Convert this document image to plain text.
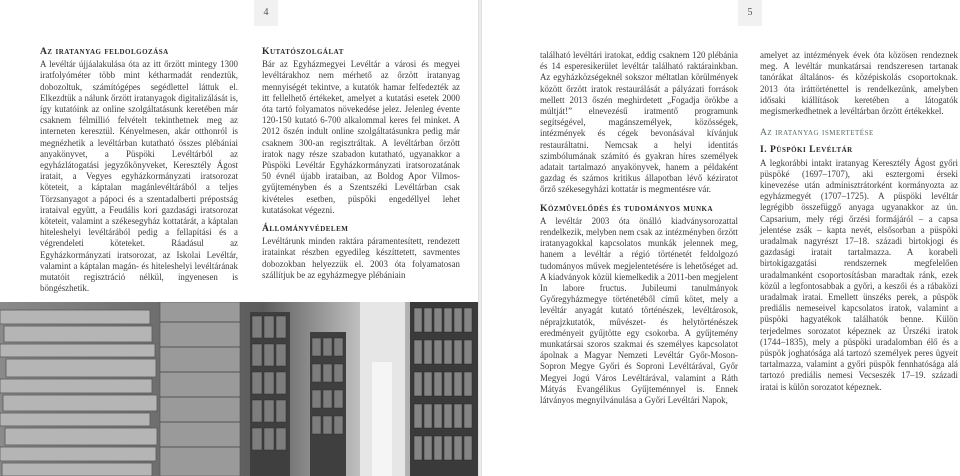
4
Az iratanyag feldolgozása

A levéltár újjáalakulása óta az itt őrzött mintegy 1300 iratfolyóméter több mint kétharmadát rendeztük, dobozoltuk, számítógépes segédlettel láttuk el. Elkezdtük a nálunk őrzött iratanyagok digitalizálását is, így kutatóink az online szolgáltatásunk keretében már csaknem félmillió felvételt tekinthetnek meg az interneten keresztül. Kényelmesen, akár otthonról is megnézhetik a levéltárban kutatható összes plébániai anyakönyvet, a Püspöki Levéltárból az egyházlátogatási jegyzőkönyveket, Keresztély Ágost iratait, a Vegyes egyházkormányzati iratsorozat köteteit, a káptalan magánlevéltárából a teljes Törzsanyagot a pápoci és a szentadalberti prépostság irataival együtt, a Feudális kori gazdasági iratsorozat köteteit, valamint a székesegyház kottatárát, a káptalan hiteleshelyi levéltárából pedig a fellapítási és a végrendeleti köteteket. Ráadásul az Egyházkormányzati iratsorozat, az Iskolai Levéltár, valamint a káptalan magán- és hiteleshelyi levéltárának mutatóit regisztráció nélkül, ingyenesen is böngészhetik.

Kutatószolgálat

Bár az Egyházmegyei Levéltár a városi és megyei levéltárakhoz nem mérhető az őrzött iratanyag mennyiségét tekintve, a kutatók hamar felfedezték az itt fellelhető értékeket, amelyet a kutatási esetek 2000 óta tartó folyamatos növekedése jelez. Jelenleg évente 120-150 kutató 6-700 alkalommal keres fel minket. A 2012 őszén indult online szolgáltatásunkra pedig már csaknem 300-an regisztráltak. A levéltárban őrzött iratok nagy része szabadon kutatható, ugyanakkor a Püspöki Levéltár Egyházkormányzati iratsorozatának 50 évnél újabb irataiban, az Boldog Apor Vilmos-gyűjteményben és a Szentszéki Levéltárban csak kivételes esetben, püspöki engedéllyel lehet kutatásokat végezni.

Állományvédelem

Levéltárunk minden raktára páramentesített, rendezett iratainkat részben egyedileg készíttetett, savmentes dobozokban helyezzük el. 2003 óta folyamatosan szállítjuk be az egyházmegye plébániain

5

található levéltári iratokat, eddig csaknem 120 plébánia és 14 esperesikerület levéltár található raktárainkban. Az egyházközségeknél sokszor méltatlan körülmények között őrzött iratok restaurálását a pályázati források mellett 2013 őszén meghirdetett „Fogadja örökbe a múltját!” elnevezésű iratmentő programunk segítségével, magánszemélyek, közösségek, intézmények és cégek bevonásával kívánjuk restauráltatni. Nemcsak a helyi identitás szimbólumának számító és gyakran híres személyek adatait tartalmazó anyakönyvek, hanem a példaként gazdag és számos kritikus állapotban lévő kéziratot őrző székesegyházi kottatár is megmentésre vár.

Közművelődés és tudományos munka

A levéltár 2003 óta önálló kiadványsorozattal rendelkezik, melyben nem csak az intézményben őrzött iratanyagokkal kapcsolatos munkák jelennek meg, hanem a levéltár a régió történetét feldolgozó tudományos művek megjelentetésére is lehetőséget ad. A kiadványok közül kiemelkedik a 2011-ben megjelent In labore fructus. Jubileumi tanulmányok Győregyházmegye történetéből című kötet, mely a levéltár anyagát kutató történészek, levéltárosok, néprajzkutatók, művészet- és helytörténészek eredményeit gyűjtötte egy csokorba. A gyűjtemény munkatársai szoros szakmai és személyes kapcsolatot ápolnak a Magyar Nemzeti Levéltár Győr-Moson-Sopron Megye Győri és Soproni Levéltárával, Győr Megyei Jogú Város Levéltárával, valamint a Ráth Mátyás Evangélikus Gyűjteménnyel is. Ennek látványos megnyilvánulása a Győri Levéltári Napok,

amelyet az intézmények évek óta közösen rendeznek meg. A levéltár munkatársai rendszeresen tartanak tanórákat általános- és középiskolás csoportoknak. 2013 óta iráttörténettel is rendelkezünk, amelyben idősaki kiállítások keretében a látogatók megismerkedhetnek a levéltárban őrzött értékekkel.

Az iratanyag ismertetése
I. Püspöki Levéltár

A legkorábbi intakt iratanyag Keresztély Ágost győri püspöké (1697–1707), aki esztergomi érseki kinevezése után adminisztrátorként kormányozta az egyházmegyét (1707–1725). A püspöki levéltár legrégibb összefüggő anyaga ugyanakkor az ún. Capsarium, mely régi őrzési formájáról – a capsa jelentése zsák – kapta nevét, elsősorban a püspöki uradalmak nagyrészt 17–18. századi birtokjogi és gazdasági iratait tartalmazza. A korabeli birtokigazgatási rendszernek megfelelően uradalmanként csoportosításban maradtak ránk, ezek közül a legfontosabbak a győri, a keszői és a rábaközi uradalmak iratai. Emellett ünszéks perek, a püspök prediális nemeseivel kapcsolatos iratok, valamint a püspöki hagyatékok találhatók benne. Külön terjedelmes sorozatot képeznek az Úrszéki iratok (1744–1835), mely a püspöki uradalomban élő és a püspök joghatósága alá tartozó személyek peres ügyeit tartalmazza, valamint a győri püspök fennhatósága alá tartozó prediális nemesi Vecseszék 17–19. századi iratai is külön sorozatot képeznek.
